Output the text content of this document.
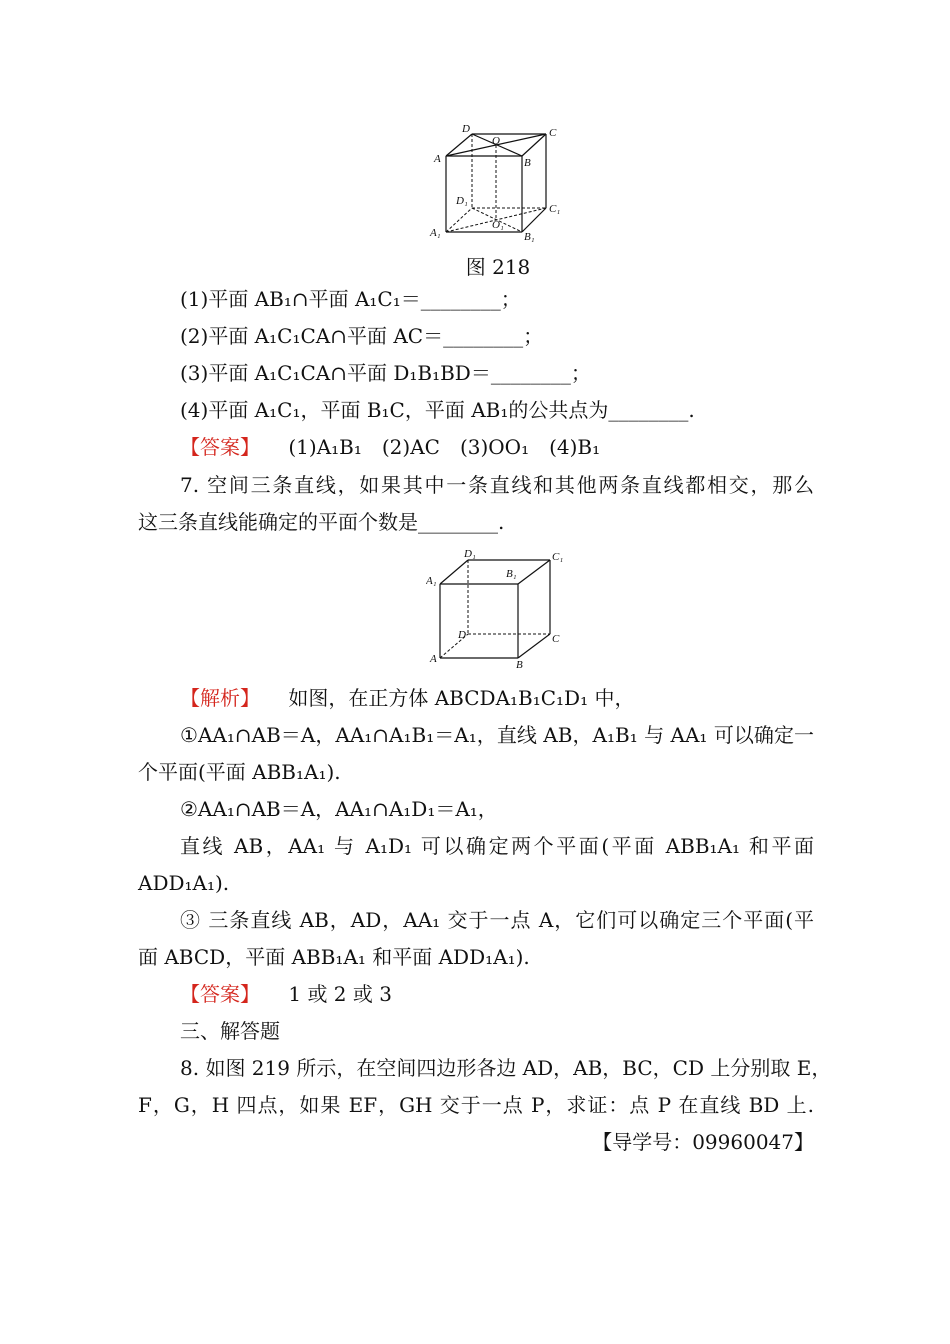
D
O
C
A	B
D₁
C₁
O₁
A₁	B₁
图 218
(1)平面 AB₁∩平面 A₁C₁＝________；
(2)平面 A₁C₁CA∩平面 AC＝________；
(3)平面 A₁C₁CA∩平面 D₁B₁BD＝________；
(4)平面 A₁C₁，平面 B₁C，平面 AB₁的公共点为________.
【答案】 (1)A₁B₁　(2)AC　(3)OO₁　(4)B₁
7. 空间三条直线，如果其中一条直线和其他两条直线都相交，那么
这三条直线能确定的平面个数是________.
D₁	C₁
A₁
B₁
D	C
A	B
【解析】 如图，在正方体 ABCDA₁B₁C₁D₁ 中，
①AA₁∩AB＝A，AA₁∩A₁B₁＝A₁，直线 AB，A₁B₁ 与 AA₁ 可以确定一
个平面(平面 ABB₁A₁).
②AA₁∩AB＝A，AA₁∩A₁D₁＝A₁，
直线 AB，AA₁ 与 A₁D₁ 可以确定两个平面(平面 ABB₁A₁ 和平面
ADD₁A₁).
③ 三条直线 AB，AD，AA₁ 交于一点 A，它们可以确定三个平面(平
面 ABCD，平面 ABB₁A₁ 和平面 ADD₁A₁).
【答案】 1 或 2 或 3
三、解答题
8. 如图 219 所示，在空间四边形各边 AD，AB，BC，CD 上分别取 E，
F，G，H 四点，如果 EF，GH 交于一点 P，求证：点 P 在直线 BD 上.
【导学号：09960047】
